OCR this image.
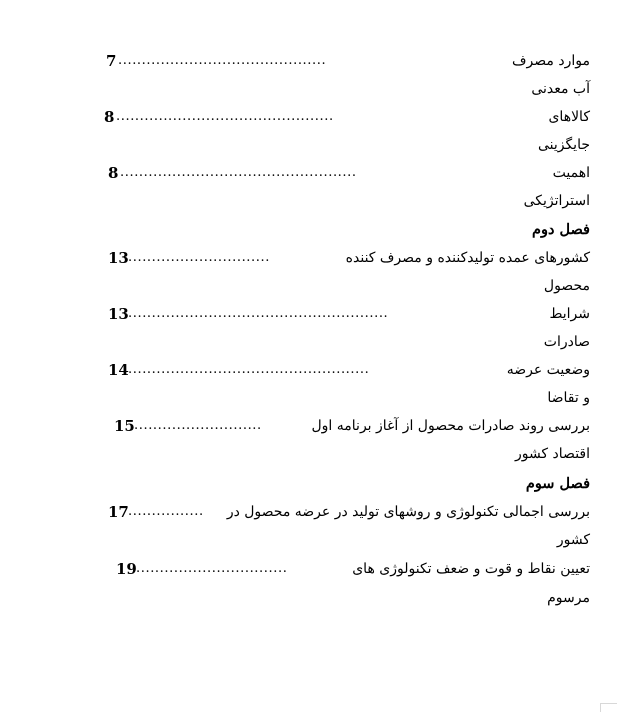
7 ............................................	موارد مصرف
آب معدنی
8 ..............................................	کالاهای
جایگزینی
8 ..................................................	اهمیت
استراتژیکی
فصل دوم
13 ..............................	کشورهای عمده تولیدکننده و مصرف کننده
محصول
13 .......................................................	شرایط
صادرات
14 ...................................................	وضعیت عرضه
و تقاضا
15 ...........................	بررسی روند صادرات محصول از آغاز برنامه اول
اقتصاد کشور
فصل سوم
17 ................	بررسی اجمالی تکنولوژی و روشهای تولید در عرضه محصول در
کشور
19 ................................	تعیین نقاط و قوت و ضعف تکنولوژی های
مرسوم
